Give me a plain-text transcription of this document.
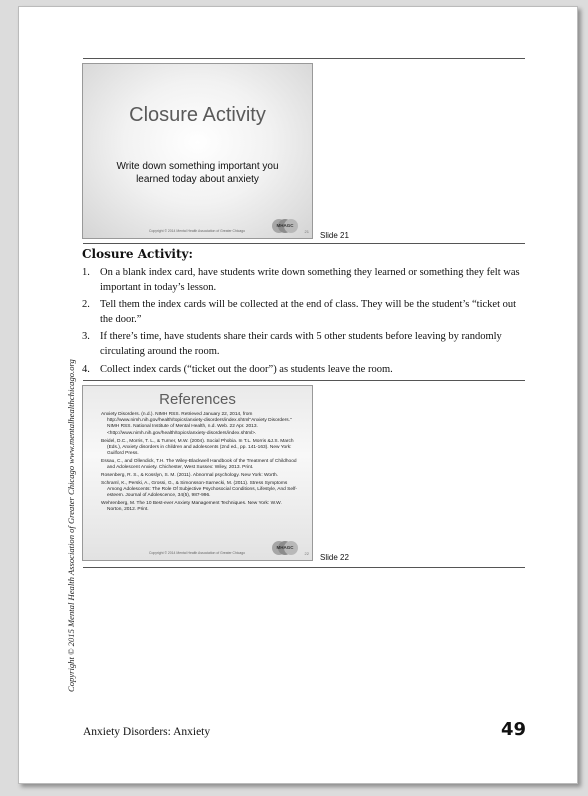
Copyright © 2015 Mental Health Association of Greater Chicago www.mentalhealthchicago.org
Closure Activity
Write down something important you learned today about anxiety
Copyright © 2014 Mental Health Association of Greater Chicago
MHAGC
21 Slide 21
Closure Activity:
1. On a blank index card, have students write down something they learned or something they felt was important in today’s lesson.
2. Tell them the index cards will be collected at the end of class. They will be the student’s “ticket out the door.”
3. If there’s time, have students share their cards with 5 other students before leaving by randomly circulating around the room.
4. Collect index cards (“ticket out the door”) as students leave the room.
References

Anxiety Disorders. (n.d.). NIMH RSS. Retrieved January 22, 2014, from http://www.nimh.nih.gov/health/topics/anxiety-disorders/index.shtml"Anxiety Disorders." NIMH RSS. National Institute of Mental Health, n.d. Web. 22 Apr. 2013. <http://www.nimh.nih.gov/health/topics/anxiety-disorders/index.shtml>.

Beidel, D.C., Morris, T. L., & Turner, M.W. (2004). Social Phobia. In T.L. Morris &J.S. March (Eds.), Anxiety disorders in children and adolescents (2nd ed., pp. 141-163). New York: Guilford Press.

Essau, C., and Ollendick, T.H. The Wiley-Blackwell Handbook of the Treatment of Childhood and Adolescent Anxiety. Chichester, West Sussex: Wiley, 2013. Print.

Rosenberg, R. S., & Kosslyn, S. M. (2011). Abnormal psychology. New York: Worth.

Schraml, K., Perski, A., Grossi, G., & Simonsson-Sarnecki, M. (2011). Stress Symptoms Among Adolescents: The Role Of Subjective Psychosocial Conditions, Lifestyle, And Self-esteem. Journal of Adolescence, 34(5), 987-996.

Wehrenberg, M. The 10 Best-ever Anxiety Management Techniques. New York: W.W. Norton, 2012. Print.

Copyright © 2014 Mental Health Association of Greater Chicago
MHAGC
22 Slide 22
Anxiety Disorders: Anxiety	49
